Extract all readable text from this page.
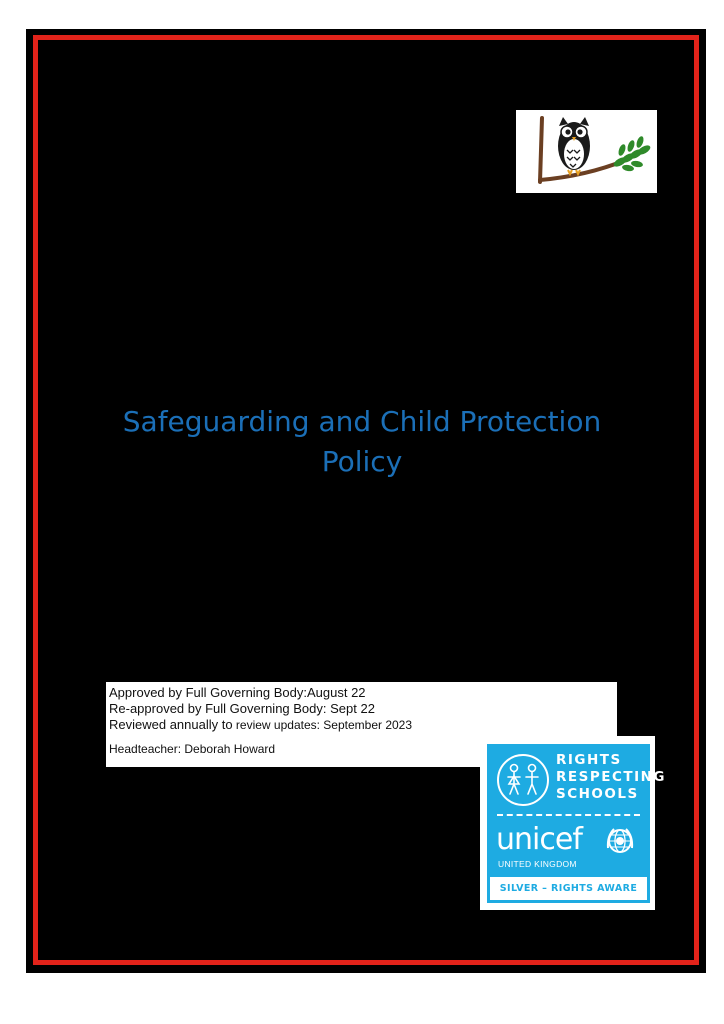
Safeguarding and Child Protection
Policy
Approved by Full Governing Body:August 22
Re-approved by Full Governing Body: Sept 22
Reviewed annually to review updates: September 2023
Headteacher: Deborah Howard
RIGHTS
RESPECTING
SCHOOLS
unicef
UNITED KINGDOM
SILVER – RIGHTS AWARE
